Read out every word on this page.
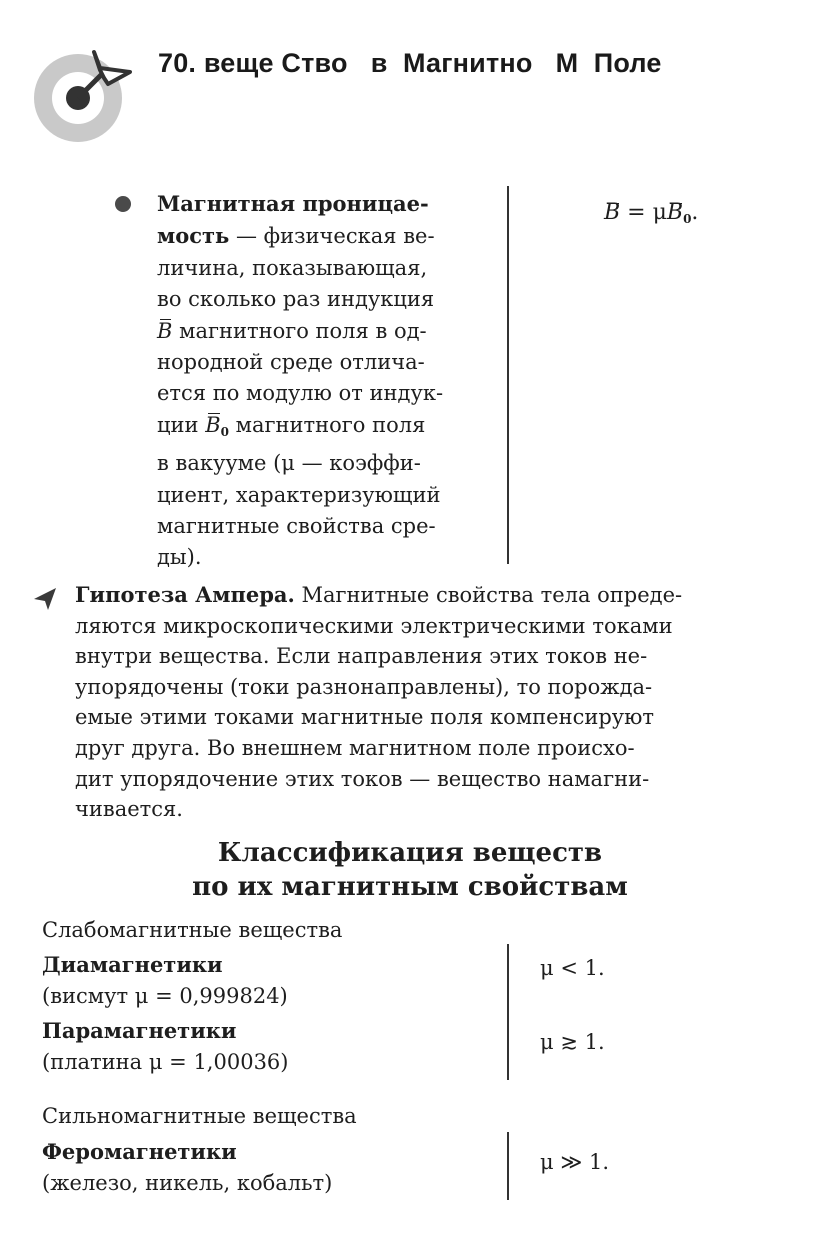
70. веще Ство   в  Магнитно   М  Поле
Магнитная проницае-
мость — физическая ве-
личина, показывающая,
во сколько раз индукция
B магнитного поля в од-
нородной среде отлича-
ется по модулю от индук-
ции B0 магнитного поля
в вакууме (μ — коэффи-
циент, характеризующий
магнитные свойства сре-
ды).
B = μB0.
Гипотеза Ампера. Магнитные свойства тела опреде-
ляются микроскопическими электрическими токами
внутри вещества. Если направления этих токов не-
упорядочены (токи разнонаправлены), то порожда-
емые этими токами магнитные поля компенсируют
друг друга. Во внешнем магнитном поле происхо-
дит упорядочение этих токов — вещество намагни-
чивается.
Классификация веществ
по их магнитным свойствам
Слабомагнитные вещества
Диамагнетики
(висмут μ = 0,999824)
μ < 1.
Парамагнетики
(платина μ = 1,00036)
μ ≳ 1.
Сильномагнитные вещества
Феромагнетики
(железо, никель, кобальт)
μ ≫ 1.
